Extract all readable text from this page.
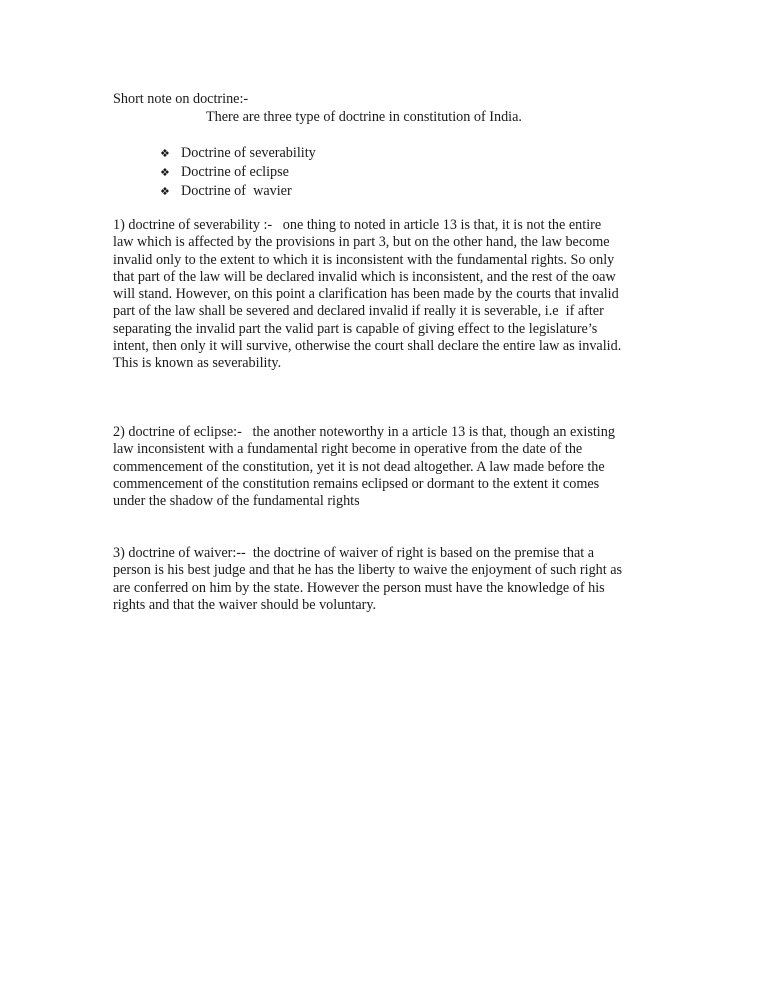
Short note on doctrine:-
There are three type of doctrine in constitution of India.
❖ Doctrine of severability
❖ Doctrine of eclipse
❖ Doctrine of  wavier

1) doctrine of severability :-   one thing to noted in article 13 is that, it is not the entire
law which is affected by the provisions in part 3, but on the other hand, the law become
invalid only to the extent to which it is inconsistent with the fundamental rights. So only
that part of the law will be declared invalid which is inconsistent, and the rest of the oaw
will stand. However, on this point a clarification has been made by the courts that invalid
part of the law shall be severed and declared invalid if really it is severable, i.e  if after
separating the invalid part the valid part is capable of giving effect to the legislature’s
intent, then only it will survive, otherwise the court shall declare the entire law as invalid.
This is known as severability.

2) doctrine of eclipse:-   the another noteworthy in a article 13 is that, though an existing
law inconsistent with a fundamental right become in operative from the date of the
commencement of the constitution, yet it is not dead altogether. A law made before the
commencement of the constitution remains eclipsed or dormant to the extent it comes
under the shadow of the fundamental rights

3) doctrine of waiver:--  the doctrine of waiver of right is based on the premise that a
person is his best judge and that he has the liberty to waive the enjoyment of such right as
are conferred on him by the state. However the person must have the knowledge of his
rights and that the waiver should be voluntary.
